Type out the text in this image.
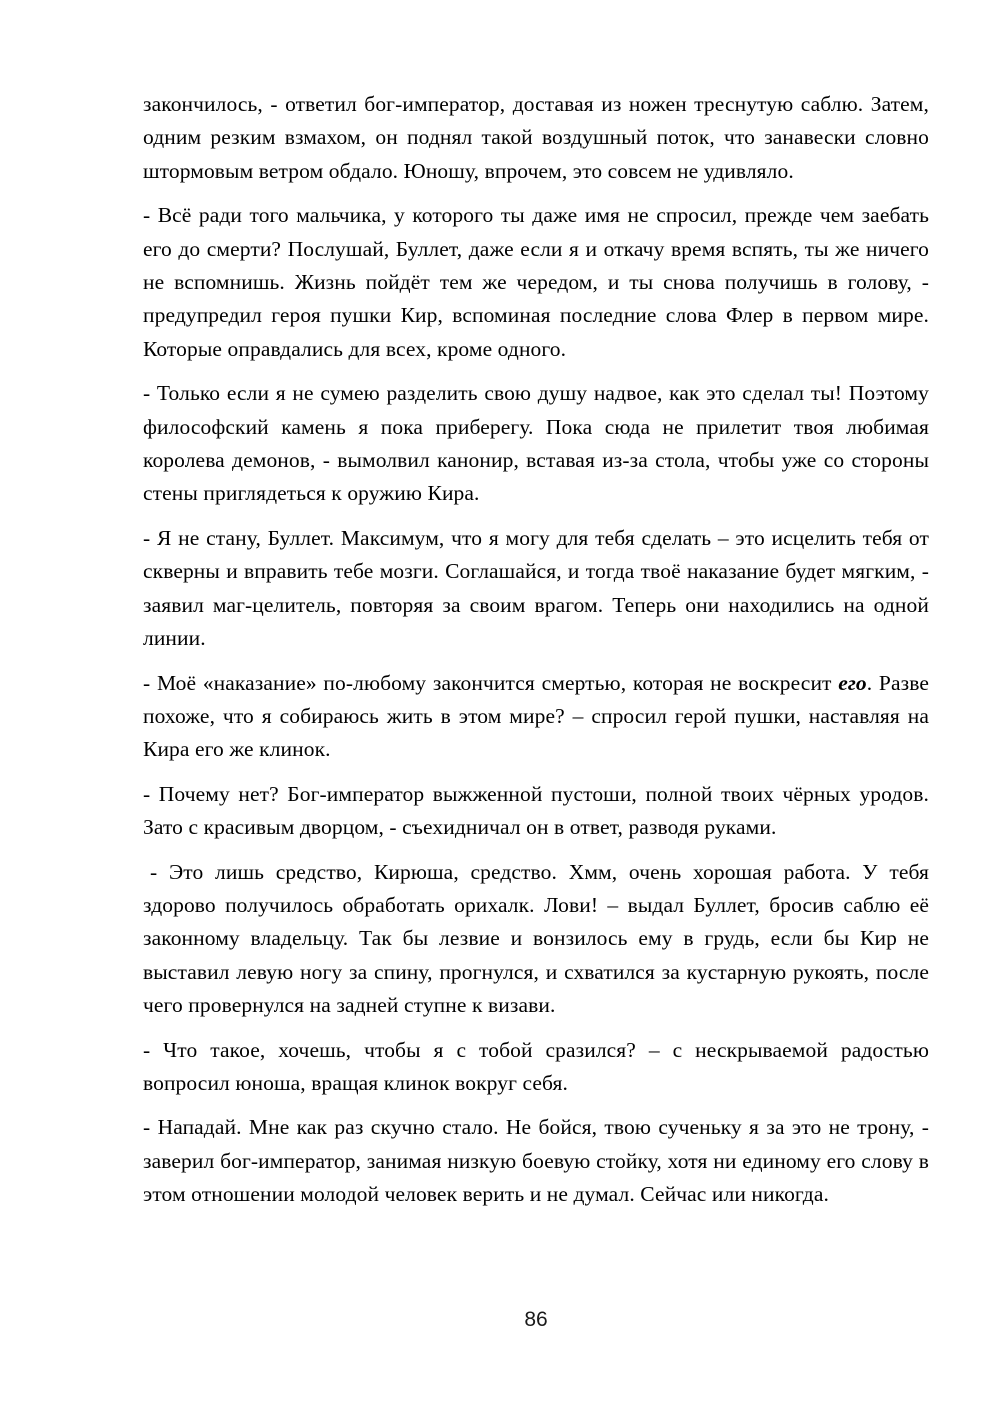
закончилось, - ответил бог-император, доставая из ножен треснутую саблю. Затем, одним резким взмахом, он поднял такой воздушный поток, что занавески словно штормовым ветром обдало. Юношу, впрочем, это совсем не удивляло.

- Всё ради того мальчика, у которого ты даже имя не спросил, прежде чем заебать его до смерти? Послушай, Буллет, даже если я и откачу время вспять, ты же ничего не вспомнишь. Жизнь пойдёт тем же чередом, и ты снова получишь в голову, - предупредил героя пушки Кир, вспоминая последние слова Флер в первом мире. Которые оправдались для всех, кроме одного.

- Только если я не сумею разделить свою душу надвое, как это сделал ты! Поэтому философский камень я пока приберегу. Пока сюда не прилетит твоя любимая королева демонов, - вымолвил канонир, вставая из-за стола, чтобы уже со стороны стены приглядеться к оружию Кира.

- Я не стану, Буллет. Максимум, что я могу для тебя сделать – это исцелить тебя от скверны и вправить тебе мозги. Соглашайся, и тогда твоё наказание будет мягким, - заявил маг-целитель, повторяя за своим врагом. Теперь они находились на одной линии.

- Моё «наказание» по-любому закончится смертью, которая не воскресит его. Разве похоже, что я собираюсь жить в этом мире? – спросил герой пушки, наставляя на Кира его же клинок.

- Почему нет? Бог-император выжженной пустоши, полной твоих чёрных уродов. Зато с красивым дворцом, - съехидничал он в ответ, разводя руками.

- Это лишь средство, Кирюша, средство. Хмм, очень хорошая работа. У тебя здорово получилось обработать орихалк. Лови! – выдал Буллет, бросив саблю её законному владельцу. Так бы лезвие и вонзилось ему в грудь, если бы Кир не выставил левую ногу за спину, прогнулся, и схватился за кустарную рукоять, после чего провернулся на задней ступне к визави.

- Что такое, хочешь, чтобы я с тобой сразился? – с нескрываемой радостью вопросил юноша, вращая клинок вокруг себя.

- Нападай. Мне как раз скучно стало. Не бойся, твою сученьку я за это не трону, - заверил бог-император, занимая низкую боевую стойку, хотя ни единому его слову в этом отношении молодой человек верить и не думал. Сейчас или никогда.

86
